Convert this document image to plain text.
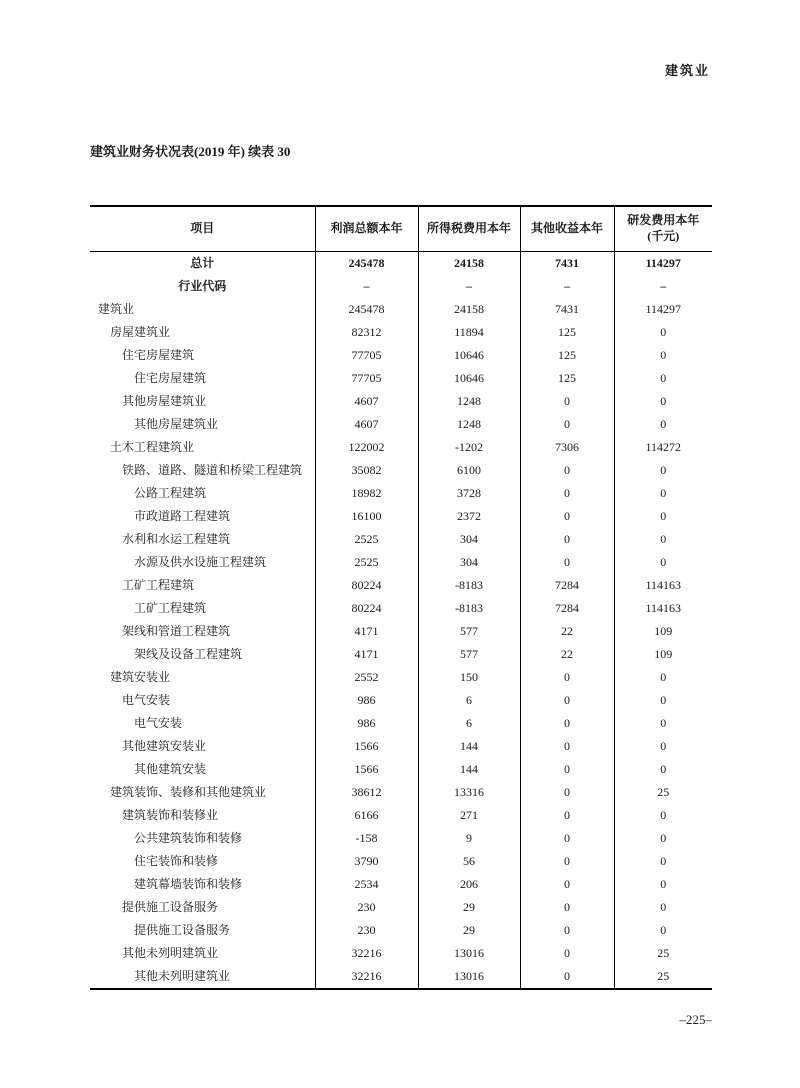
建筑业
建筑业财务状况表(2019 年) 续表 30
项目	利润总额本年	所得税费用本年	其他收益本年	研发费用本年
(千元)

总计	245478	24158	7431	114297
行业代码	–	–	–	–
建筑业	245478	24158	7431	114297
房屋建筑业	82312	11894	125	0
住宅房屋建筑	77705	10646	125	0
住宅房屋建筑	77705	10646	125	0
其他房屋建筑业	4607	1248	0	0
其他房屋建筑业	4607	1248	0	0
土木工程建筑业	122002	-1202	7306	114272
铁路、道路、隧道和桥梁工程建筑	35082	6100	0	0
公路工程建筑	18982	3728	0	0
市政道路工程建筑	16100	2372	0	0
水利和水运工程建筑	2525	304	0	0
水源及供水设施工程建筑	2525	304	0	0
工矿工程建筑	80224	-8183	7284	114163
工矿工程建筑	80224	-8183	7284	114163
架线和管道工程建筑	4171	577	22	109
架线及设备工程建筑	4171	577	22	109
建筑安装业	2552	150	0	0
电气安装	986	6	0	0
电气安装	986	6	0	0
其他建筑安装业	1566	144	0	0
其他建筑安装	1566	144	0	0
建筑装饰、装修和其他建筑业	38612	13316	0	25
建筑装饰和装修业	6166	271	0	0
公共建筑装饰和装修	-158	9	0	0
住宅装饰和装修	3790	56	0	0
建筑幕墙装饰和装修	2534	206	0	0
提供施工设备服务	230	29	0	0
提供施工设备服务	230	29	0	0
其他未列明建筑业	32216	13016	0	25
其他未列明建筑业	32216	13016	0	25
–225–
